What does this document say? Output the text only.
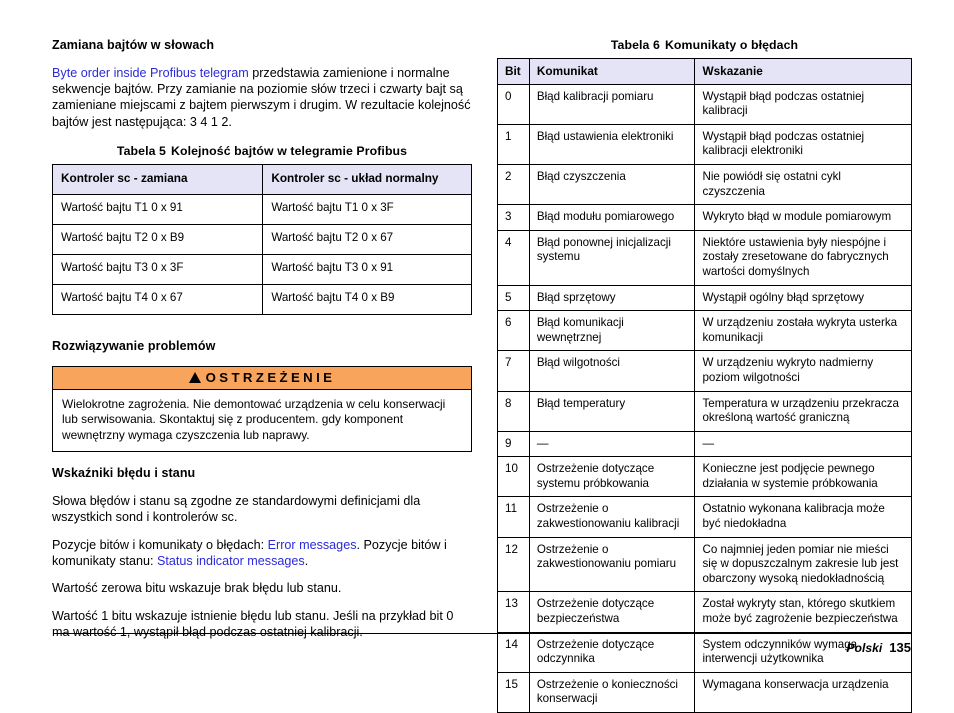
Zamiana bajtów w słowach

Byte order inside Profibus telegram przedstawia zamienione i normalne sekwencje bajtów. Przy zamianie na poziomie słów trzeci i czwarty bajt są zamieniane miejscami z bajtem pierwszym i drugim. W rezultacie kolejność bajtów jest następująca: 3 4 1 2.

Tabela 5 Kolejność bajtów w telegramie Profibus
Kontroler sc - zamiana	Kontroler sc - układ normalny
Wartość bajtu T1 0 x 91	Wartość bajtu T1 0 x 3F
Wartość bajtu T2 0 x B9	Wartość bajtu T2 0 x 67
Wartość bajtu T3 0 x 3F	Wartość bajtu T3 0 x 91
Wartość bajtu T4 0 x 67	Wartość bajtu T4 0 x B9
Rozwiązywanie problemów
OSTRZEŻENIE
Wielokrotne zagrożenia. Nie demontować urządzenia w celu konserwacji lub serwisowania. Skontaktuj się z producentem. gdy komponent wewnętrzny wymaga czyszczenia lub naprawy.
Wskaźniki błędu i stanu

Słowa błędów i stanu są zgodne ze standardowymi definicjami dla wszystkich sond i kontrolerów sc.

Pozycje bitów i komunikaty o błędach: Error messages. Pozycje bitów i komunikaty stanu: Status indicator messages.

Wartość zerowa bitu wskazuje brak błędu lub stanu.

Wartość 1 bitu wskazuje istnienie błędu lub stanu. Jeśli na przykład bit 0 ma wartość 1, wystąpił błąd podczas ostatniej kalibracji.

Tabela 6 Komunikaty o błędach
Bit	Komunikat	Wskazanie
0	Błąd kalibracji pomiaru	Wystąpił błąd podczas ostatniej kalibracji
1	Błąd ustawienia elektroniki	Wystąpił błąd podczas ostatniej kalibracji elektroniki
2	Błąd czyszczenia	Nie powiódł się ostatni cykl czyszczenia
3	Błąd modułu pomiarowego	Wykryto błąd w module pomiarowym
4	Błąd ponownej inicjalizacji systemu	Niektóre ustawienia były niespójne i zostały zresetowane do fabrycznych wartości domyślnych
5	Błąd sprzętowy	Wystąpił ogólny błąd sprzętowy
6	Błąd komunikacji wewnętrznej	W urządzeniu została wykryta usterka komunikacji
7	Błąd wilgotności	W urządzeniu wykryto nadmierny poziom wilgotności
8	Błąd temperatury	Temperatura w urządzeniu przekracza określoną wartość graniczną
9	—	—
10	Ostrzeżenie dotyczące systemu próbkowania	Konieczne jest podjęcie pewnego działania w systemie próbkowania
11	Ostrzeżenie o zakwestionowaniu kalibracji	Ostatnio wykonana kalibracja może być niedokładna
12	Ostrzeżenie o zakwestionowaniu pomiaru	Co najmniej jeden pomiar nie mieści się w dopuszczalnym zakresie lub jest obarczony wysoką niedokładnością
13	Ostrzeżenie dotyczące bezpieczeństwa	Został wykryty stan, którego skutkiem może być zagrożenie bezpieczeństwa
14	Ostrzeżenie dotyczące odczynnika	System odczynników wymaga interwencji użytkownika
15	Ostrzeżenie o konieczności konserwacji	Wymagana konserwacja urządzenia
Polski 135
